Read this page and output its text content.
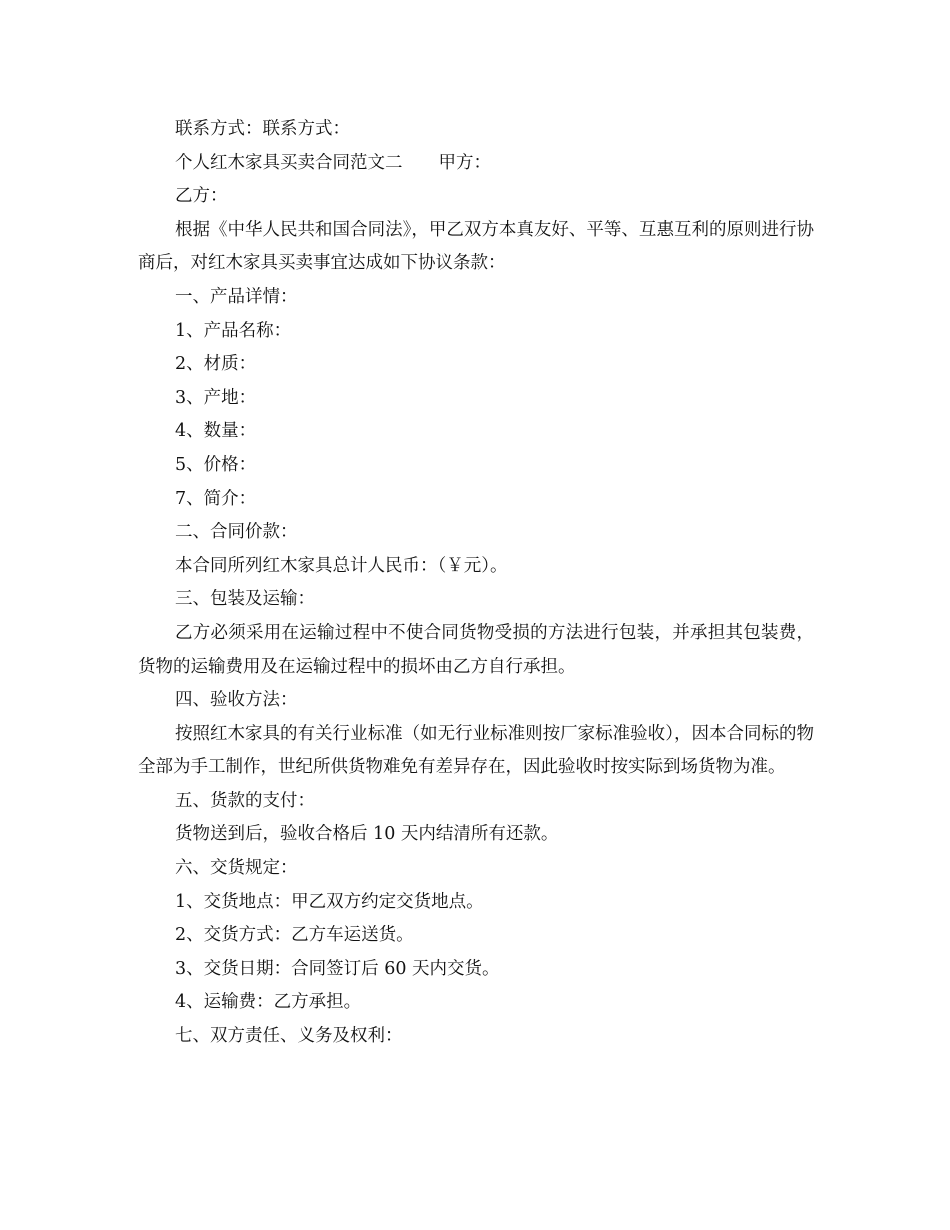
联系方式：联系方式：

个人红木家具买卖合同范文二 甲方：

乙方：

根据《中华人民共和国合同法》，甲乙双方本真友好、平等、互惠互利的原则进行协商后，对红木家具买卖事宜达成如下协议条款：

一、产品详情：

1、产品名称：

2、材质：

3、产地：

4、数量：

5、价格：

7、简介：

二、合同价款：

本合同所列红木家具总计人民币：（￥元）。

三、包装及运输：

乙方必须采用在运输过程中不使合同货物受损的方法进行包装，并承担其包装费，货物的运输费用及在运输过程中的损坏由乙方自行承担。

四、验收方法：

按照红木家具的有关行业标准（如无行业标准则按厂家标准验收），因本合同标的物全部为手工制作，世纪所供货物难免有差异存在，因此验收时按实际到场货物为准。

五、货款的支付：

货物送到后，验收合格后 10 天内结清所有还款。

六、交货规定：

1、交货地点：甲乙双方约定交货地点。

2、交货方式：乙方车运送货。

3、交货日期：合同签订后 60 天内交货。

4、运输费：乙方承担。

七、双方责任、义务及权利：
